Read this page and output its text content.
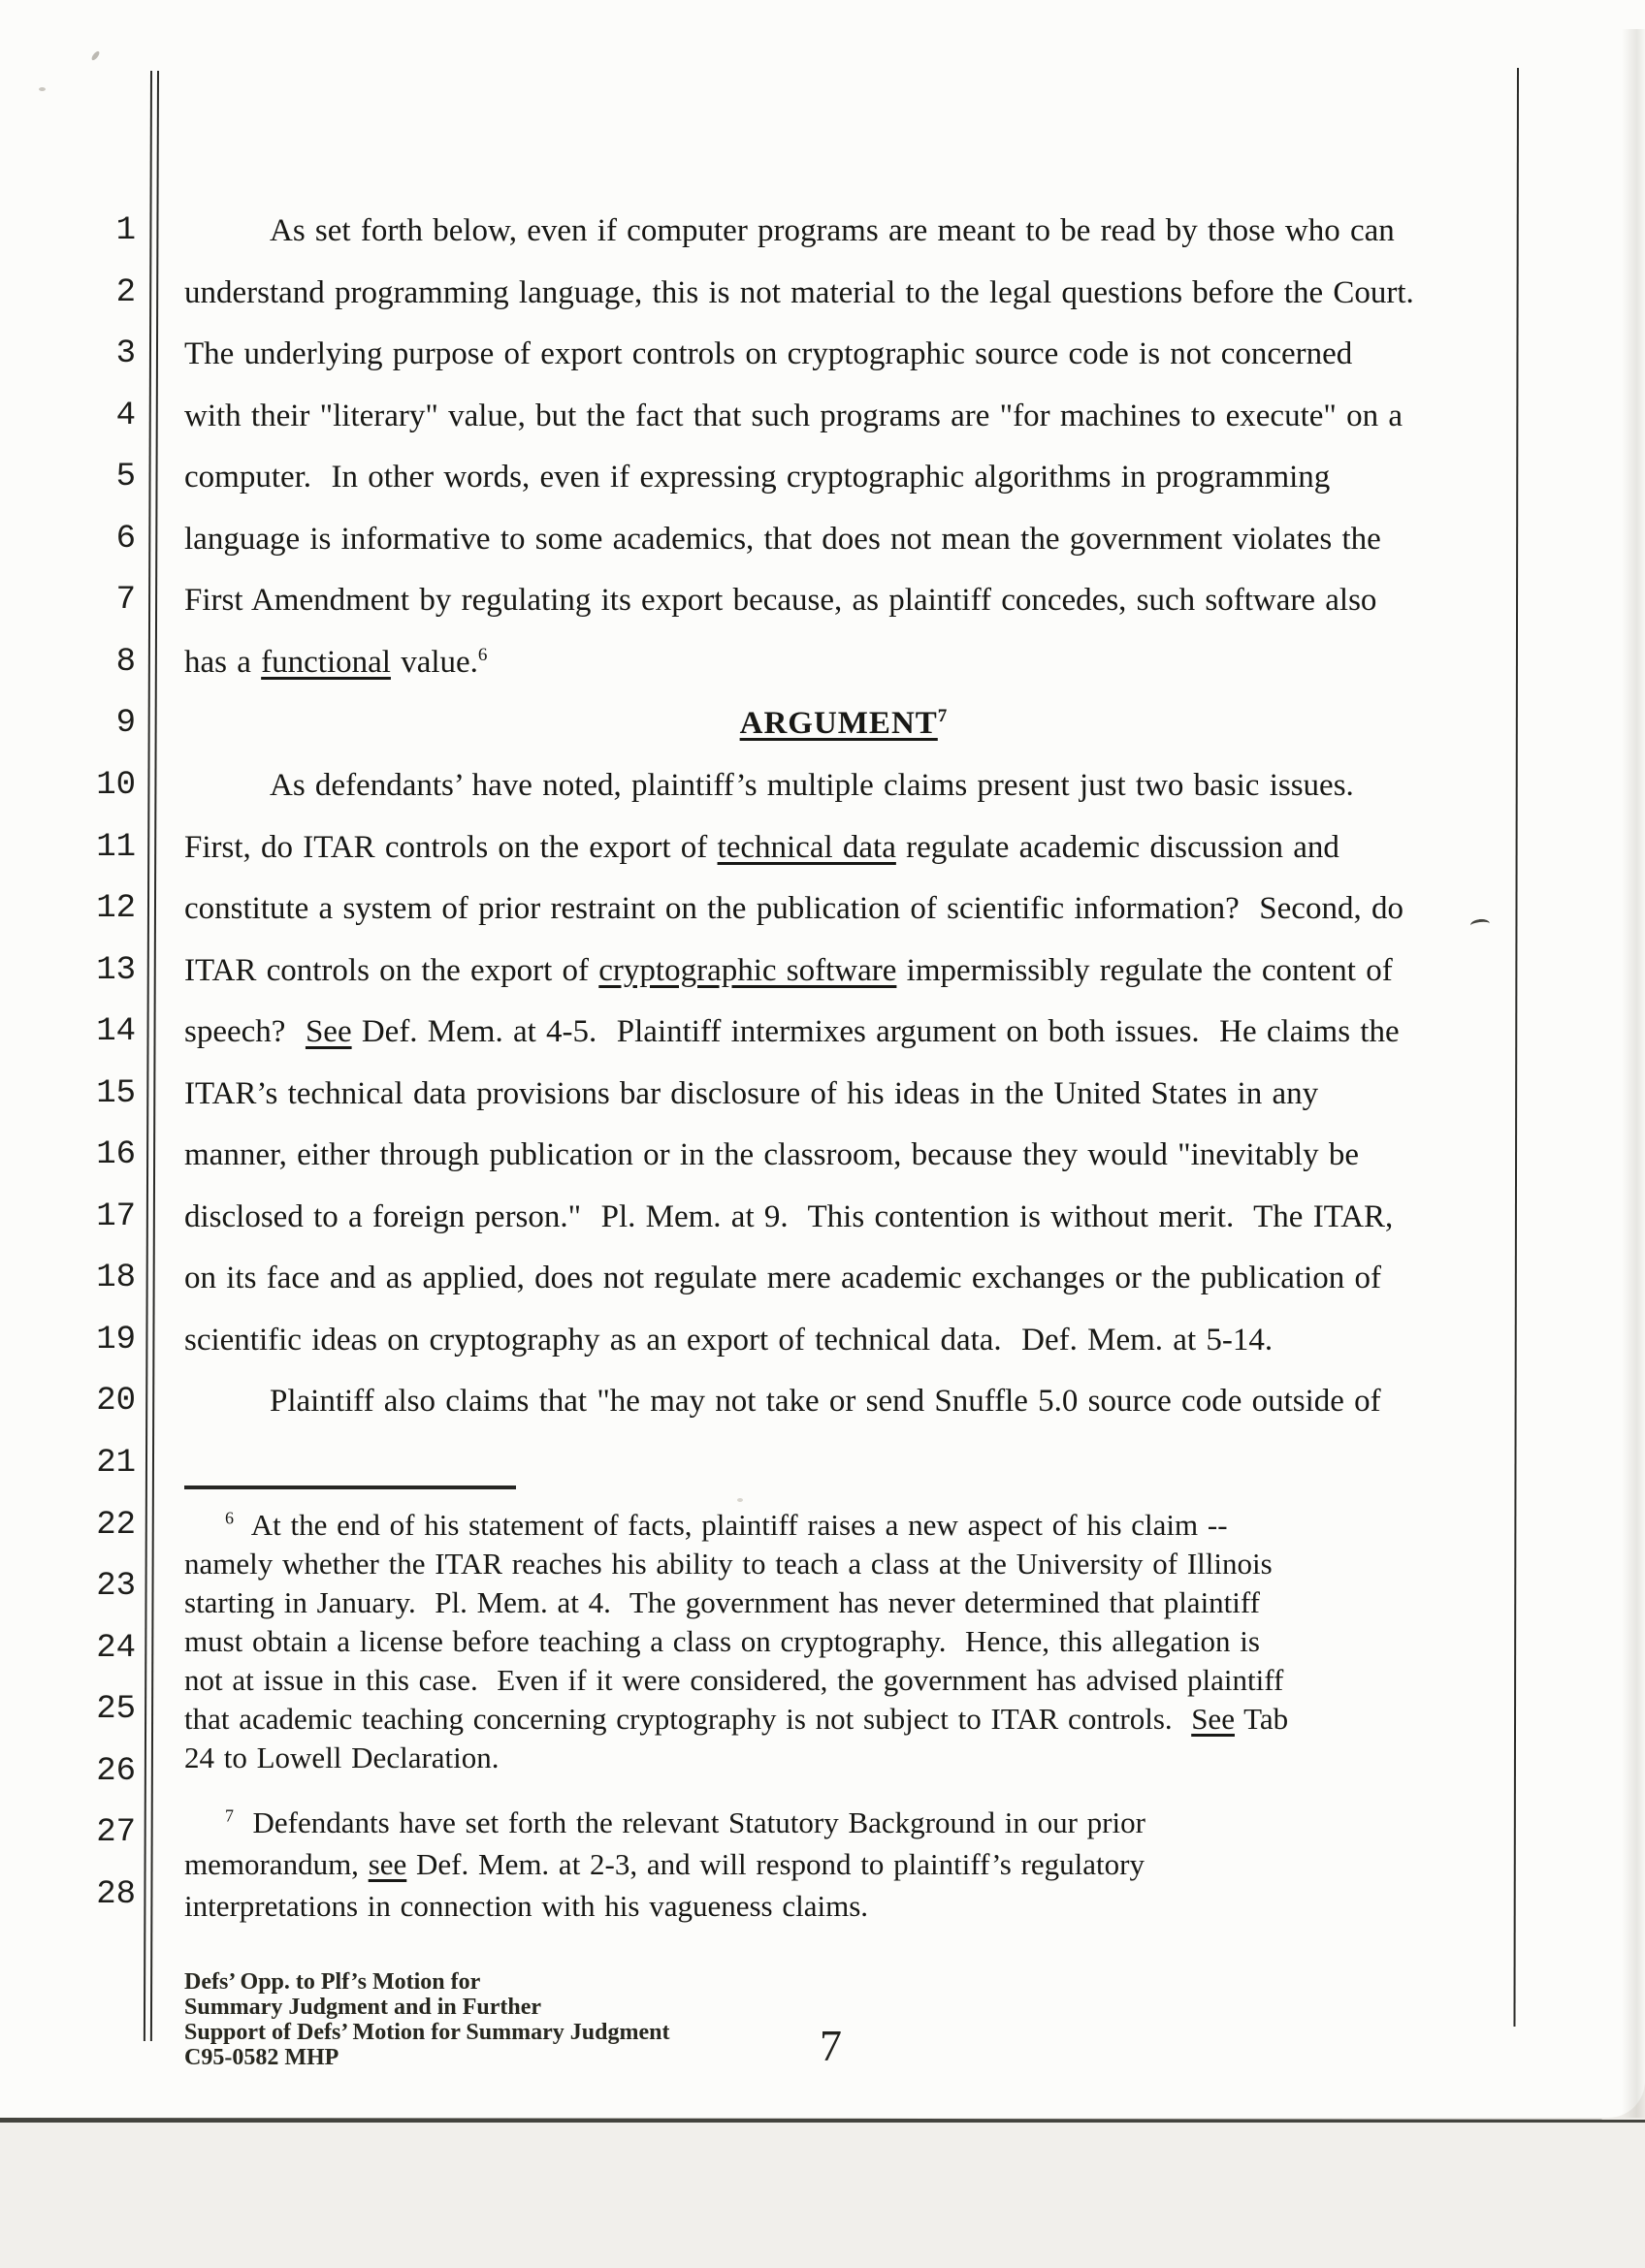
1
2
3
4
5
6
7
8
9
10
11
12
13
14
15
16
17
18
19
20
21
22
23
24
25
26
27
28
As set forth below, even if computer programs are meant to be read by those who can
understand programming language, this is not material to the legal questions before the Court.
The underlying purpose of export controls on cryptographic source code is not concerned
with their "literary" value, but the fact that such programs are "for machines to execute" on a
computer.  In other words, even if expressing cryptographic algorithms in programming
language is informative to some academics, that does not mean the government violates the
First Amendment by regulating its export because, as plaintiff concedes, such software also
has a functional value.$^6$
ARGUMENT$^7$
As defendants’ have noted, plaintiff’s multiple claims present just two basic issues.
First, do ITAR controls on the export of technical data regulate academic discussion and
constitute a system of prior restraint on the publication of scientific information?  Second, do
ITAR controls on the export of cryptographic software impermissibly regulate the content of
speech?  See Def. Mem. at 4-5.  Plaintiff intermixes argument on both issues.  He claims the
ITAR’s technical data provisions bar disclosure of his ideas in the United States in any
manner, either through publication or in the classroom, because they would "inevitably be
disclosed to a foreign person."  Pl. Mem. at 9.  This contention is without merit.  The ITAR,
on its face and as applied, does not regulate mere academic exchanges or the publication of
scientific ideas on cryptography as an export of technical data.  Def. Mem. at 5-14.
Plaintiff also claims that "he may not take or send Snuffle 5.0 source code outside of
$^6$  At the end of his statement of facts, plaintiff raises a new aspect of his claim --
namely whether the ITAR reaches his ability to teach a class at the University of Illinois
starting in January.  Pl. Mem. at 4.  The government has never determined that plaintiff
must obtain a license before teaching a class on cryptography.  Hence, this allegation is
not at issue in this case.  Even if it were considered, the government has advised plaintiff
that academic teaching concerning cryptography is not subject to ITAR controls.  See Tab
24 to Lowell Declaration.
$^7$  Defendants have set forth the relevant Statutory Background in our prior
memorandum, see Def. Mem. at 2-3, and will respond to plaintiff’s regulatory
interpretations in connection with his vagueness claims.
Defs’ Opp. to Plf’s Motion for
Summary Judgment and in Further
Support of Defs’ Motion for Summary Judgment
C95-0582 MHP	7
